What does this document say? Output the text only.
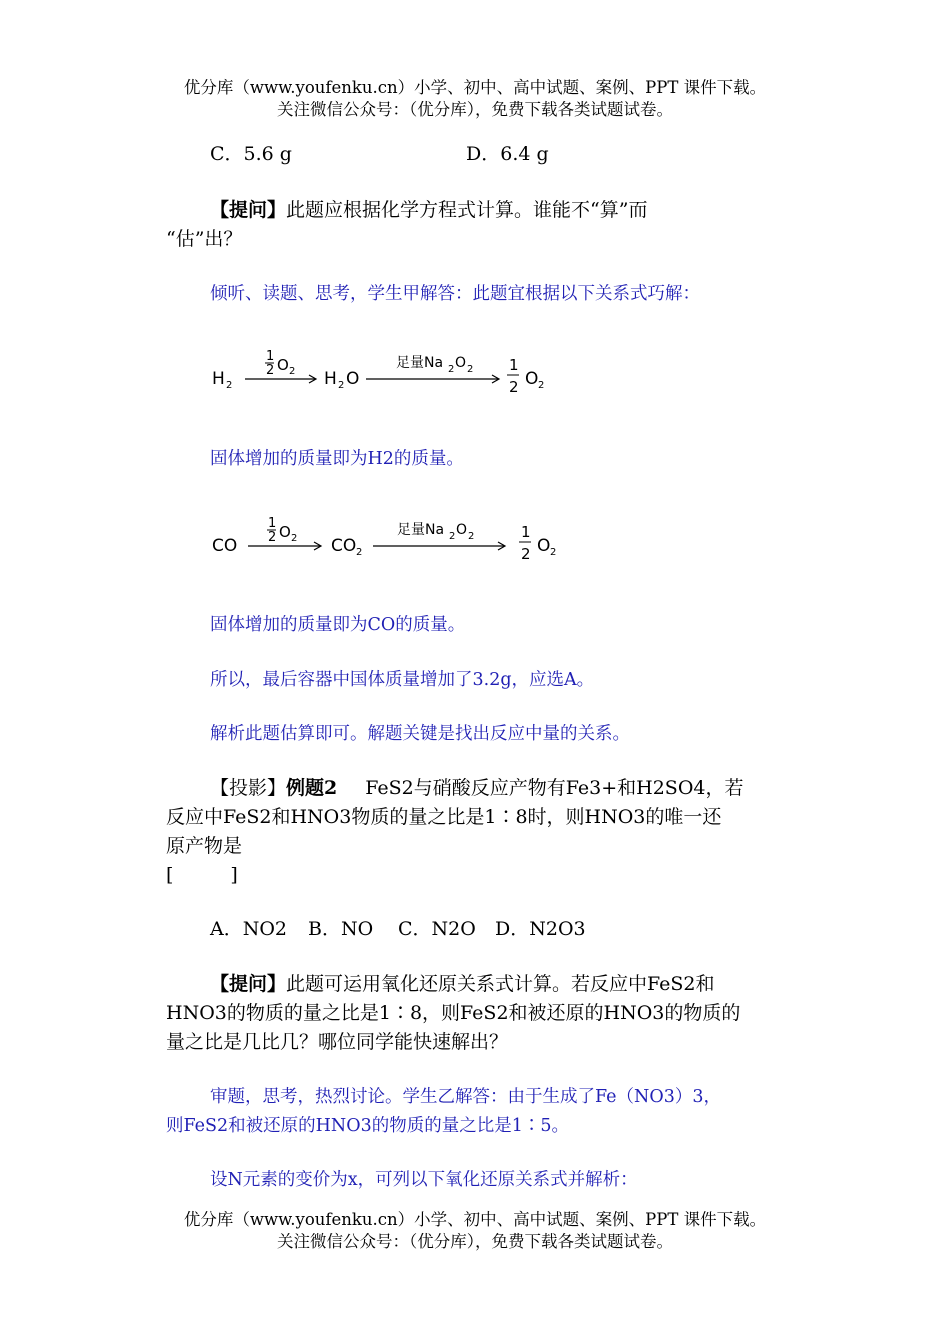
优分库（www.youfenku.cn）小学、初中、高中试题、案例、PPT 课件下载。
关注微信公众号：（优分库），免费下载各类试题试卷。
C．5.6 g	D．6.4 g
【提问】此题应根据化学方程式计算。谁能不“算”而
“估”出？
倾听、读题、思考，学生甲解答：此题宜根据以下关系式巧解：
H 2
1
2 O 2 H 2 O
足量Na 2 O 2 1
2 O 2
固体增加的质量即为H2的质量。
CO
1
2 O 2 CO 2
足量Na 2 O 2	1
2 O 2
固体增加的质量即为CO的质量。
所以，最后容器中国体质量增加了3.2g，应选A。
解析此题估算即可。解题关键是找出反应中量的关系。
【投影】例题2 FeS2与硝酸反应产物有Fe3+和H2SO4，若
反应中FeS2和HNO3物质的量之比是1∶8时，则HNO3的唯一还
原产物是
[　　　]
A．NO2 B．NO C．N2O D．N2O3
【提问】此题可运用氧化还原关系式计算。若反应中FeS2和
HNO3的物质的量之比是1∶8，则FeS2和被还原的HNO3的物质的
量之比是几比几？哪位同学能快速解出？
审题，思考，热烈讨论。学生乙解答：由于生成了Fe（NO3）3，
则FeS2和被还原的HNO3的物质的量之比是1∶5。
设N元素的变价为x，可列以下氧化还原关系式并解析：
优分库（www.youfenku.cn）小学、初中、高中试题、案例、PPT 课件下载。
关注微信公众号：（优分库），免费下载各类试题试卷。
